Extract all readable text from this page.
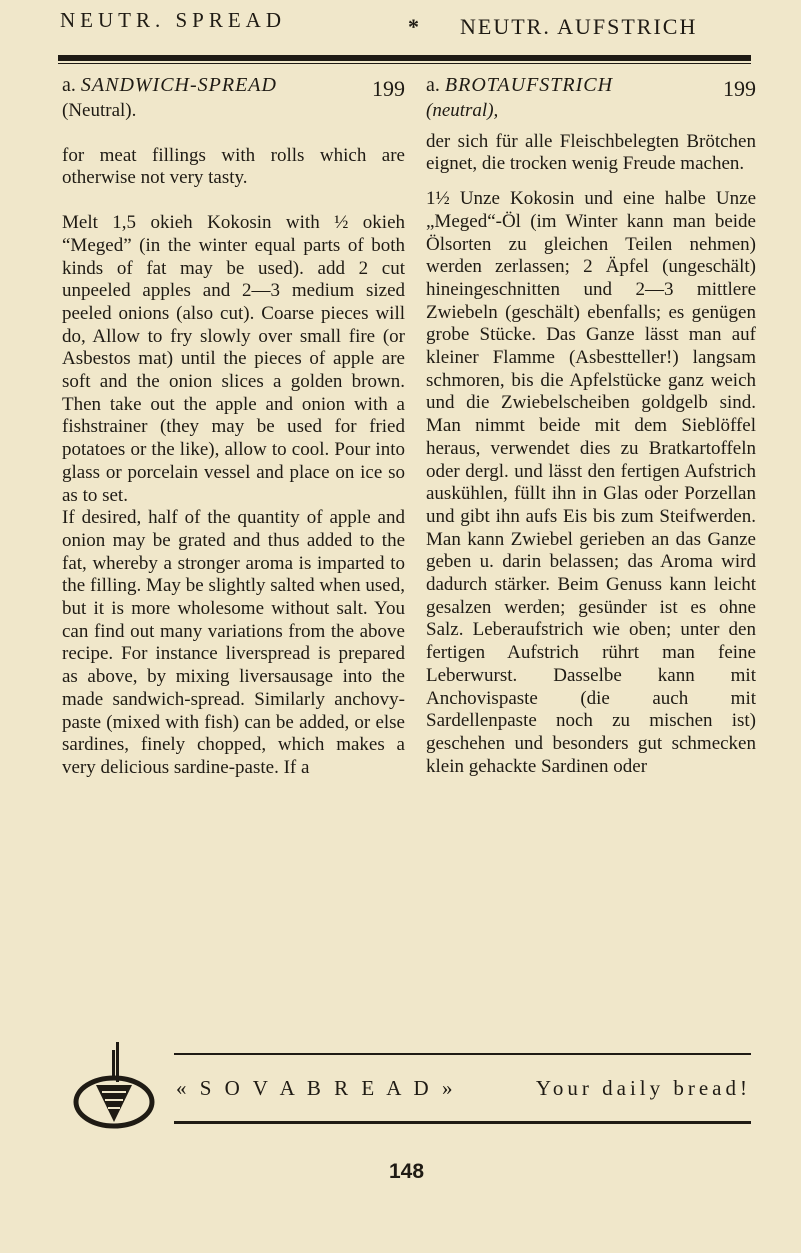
NEUTR. SPREAD	* NEUTR. AUFSTRICH
a. SANDWICH-SPREAD	199
(Neutral).

for meat fillings with rolls which are otherwise not very tasty.

Melt 1,5 okieh Kokosin with ½ okieh “Meged” (in the winter equal parts of both kinds of fat may be used). add 2 cut unpeeled apples and 2—3 medium sized peeled onions (also cut). Coarse pieces will do, Allow to fry slowly over small fire (or Asbestos mat) until the pieces of apple are soft and the onion slices a golden brown. Then take out the apple and onion with a fishstrainer (they may be used for fried potatoes or the like), allow to cool. Pour into glass or porcelain vessel and place on ice so as to set.

If desired, half of the quantity of apple and onion may be grated and thus added to the fat, whereby a stronger aroma is imparted to the filling. May be slightly salted when used, but it is more wholesome without salt. You can find out many variations from the above recipe. For instance liverspread is prepared as above, by mixing liversausage into the made sandwich-spread. Similarly anchovy-paste (mixed with fish) can be added, or else sardines, finely chopped, which makes a very delicious sardine-paste. If a

a. BROTAUFSTRICH	199
(neutral),

der sich für alle Fleischbelegten Brötchen eignet, die trocken wenig Freude machen.

1½ Unze Kokosin und eine halbe Unze „Meged“-Öl (im Winter kann man beide Ölsorten zu gleichen Teilen nehmen) werden zerlassen; 2 Äpfel (ungeschält) hineingeschnitten und 2—3 mittlere Zwiebeln (geschält) ebenfalls; es genügen grobe Stücke. Das Ganze lässt man auf kleiner Flamme (Asbestteller!) langsam schmoren, bis die Apfelstücke ganz weich und die Zwiebelscheiben goldgelb sind. Man nimmt beide mit dem Sieblöffel heraus, verwendet dies zu Bratkartoffeln oder dergl. und lässt den fertigen Aufstrich auskühlen, füllt ihn in Glas oder Porzellan und gibt ihn aufs Eis bis zum Steifwerden. Man kann Zwiebel gerieben an das Ganze geben u. darin belassen; das Aroma wird dadurch stärker. Beim Genuss kann leicht gesalzen werden; gesünder ist es ohne Salz. Leberaufstrich wie oben; unter den fertigen Aufstrich rührt man feine Leberwurst. Dasselbe kann mit Anchovispaste (die auch mit Sardellenpaste noch zu mischen ist) geschehen und besonders gut schmecken klein gehackte Sardinen oder

« S O V A B R E A D »	Your daily bread!
148
